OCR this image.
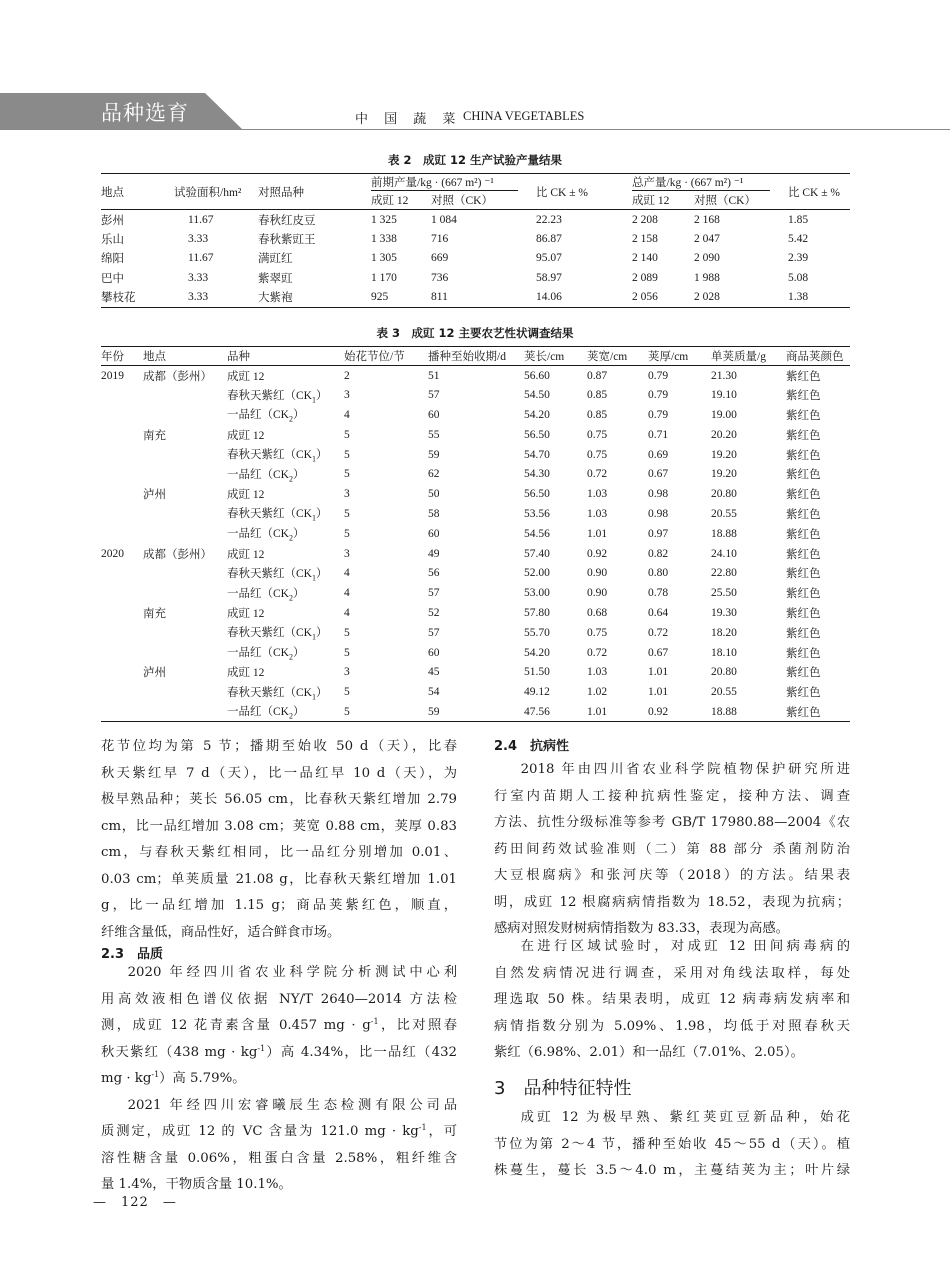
品种选育	中 国 蔬 菜 CHINA VEGETABLES
表 2　成豇 12 生产试验产量结果
地点	试验面积/hm²	对照品种	前期产量/kg · (667 m²) ⁻¹		比 CK ± %	总产量/kg · (667 m²) ⁻¹		比 CK ± %
			成豇 12	对照（CK）		成豇 12	对照（CK）	
彭州	11.67	春秋红皮豆	1 325	1 084	22.23	2 208	2 168	1.85
乐山	3.33	春秋紫豇王	1 338	716	86.87	2 158	2 047	5.42
绵阳	11.67	满豇红	1 305	669	95.07	2 140	2 090	2.39
巴中	3.33	紫翠豇	1 170	736	58.97	2 089	1 988	5.08
攀枝花	3.33	大紫袍	925	811	14.06	2 056	2 028	1.38
表 3　成豇 12 主要农艺性状调查结果
年份	地点	品种	始花节位/节	播种至始收期/d	荚长/cm	荚宽/cm	荚厚/cm	单荚质量/g	商品荚颜色
2019	成都（彭州）	成豇 12	2	51	56.60	0.87	0.79	21.30	紫红色
		春秋天紫红$(CK_1)$	3	57	54.50	0.85	0.79	19.10	紫红色
		一品红$(CK_2)$	4	60	54.20	0.85	0.79	19.00	紫红色
	南充	成豇 12	5	55	56.50	0.75	0.71	20.20	紫红色
		春秋天紫红$(CK_1)$	5	59	54.70	0.75	0.69	19.20	紫红色
		一品红$(CK_2)$	5	62	54.30	0.72	0.67	19.20	紫红色
	泸州	成豇 12	3	50	56.50	1.03	0.98	20.80	紫红色
		春秋天紫红$(CK_1)$	5	58	53.56	1.03	0.98	20.55	紫红色
		一品红$(CK_2)$	5	60	54.56	1.01	0.97	18.88	紫红色
2020	成都（彭州）	成豇 12	3	49	57.40	0.92	0.82	24.10	紫红色
		春秋天紫红$(CK_1)$	4	56	52.00	0.90	0.80	22.80	紫红色
		一品红$(CK_2)$	4	57	53.00	0.90	0.78	25.50	紫红色
	南充	成豇 12	4	52	57.80	0.68	0.64	19.30	紫红色
		春秋天紫红$(CK_1)$	5	57	55.70	0.75	0.72	18.20	紫红色
		一品红$(CK_2)$	5	60	54.20	0.72	0.67	18.10	紫红色
	泸州	成豇 12	3	45	51.50	1.03	1.01	20.80	紫红色
		春秋天紫红$(CK_1)$	5	54	49.12	1.02	1.01	20.55	紫红色
		一品红$(CK_2)$	5	59	47.56	1.01	0.92	18.88	紫红色
花节位均为第 5 节；播期至始收 50 d（天），比春
秋天紫红早 7 d（天），比一品红早 10 d（天），为
极早熟品种；荚长 56.05 cm，比春秋天紫红增加 2.79
cm，比一品红增加 3.08 cm；荚宽 0.88 cm，荚厚 0.83
cm，与春秋天紫红相同，比一品红分别增加 0.01、
0.03 cm；单荚质量 21.08 g，比春秋天紫红增加 1.01
g，比一品红增加 1.15 g；商品荚紫红色，顺直，
纤维含量低，商品性好，适合鲜食市场。
2.3　品质
2020 年经四川省农业科学院分析测试中心利
用高效液相色谱仪依据 NY/T 2640—2014 方法检
测，成豇 12 花青素含量 0.457 mg · $g^{-1}$，比对照春
秋天紫红（438 mg · $kg^{-1}$）高 4.34%，比一品红（432
mg · $kg^{-1}$）高 5.79%。
2021 年经四川宏睿曦辰生态检测有限公司品
质测定，成豇 12 的 VC 含量为 121.0 mg · $kg^{-1}$，可
溶性糖含量 0.06%，粗蛋白含量 2.58%，粗纤维含
量 1.4%，干物质含量 10.1%。
2.4　抗病性
2018 年由四川省农业科学院植物保护研究所进
行室内苗期人工接种抗病性鉴定，接种方法、调查
方法、抗性分级标准等参考 GB/T 17980.88—2004《农
药田间药效试验准则（二）第 88 部分 杀菌剂防治
大豆根腐病》和张河庆等（2018）的方法。结果表
明，成豇 12 根腐病病情指数为 18.52，表现为抗病；
感病对照发财树病情指数为 83.33，表现为高感。
在进行区域试验时，对成豇 12 田间病毒病的
自然发病情况进行调查，采用对角线法取样，每处
理选取 50 株。结果表明，成豇 12 病毒病发病率和
病情指数分别为 5.09%、1.98，均低于对照春秋天
紫红（6.98%、2.01）和一品红（7.01%、2.05）。
3　品种特征特性
成豇 12 为极早熟、紫红荚豇豆新品种，始花
节位为第 2～4 节，播种至始收 45～55 d（天）。植
株蔓生，蔓长 3.5～4.0 m，主蔓结荚为主；叶片绿
—　122　—
